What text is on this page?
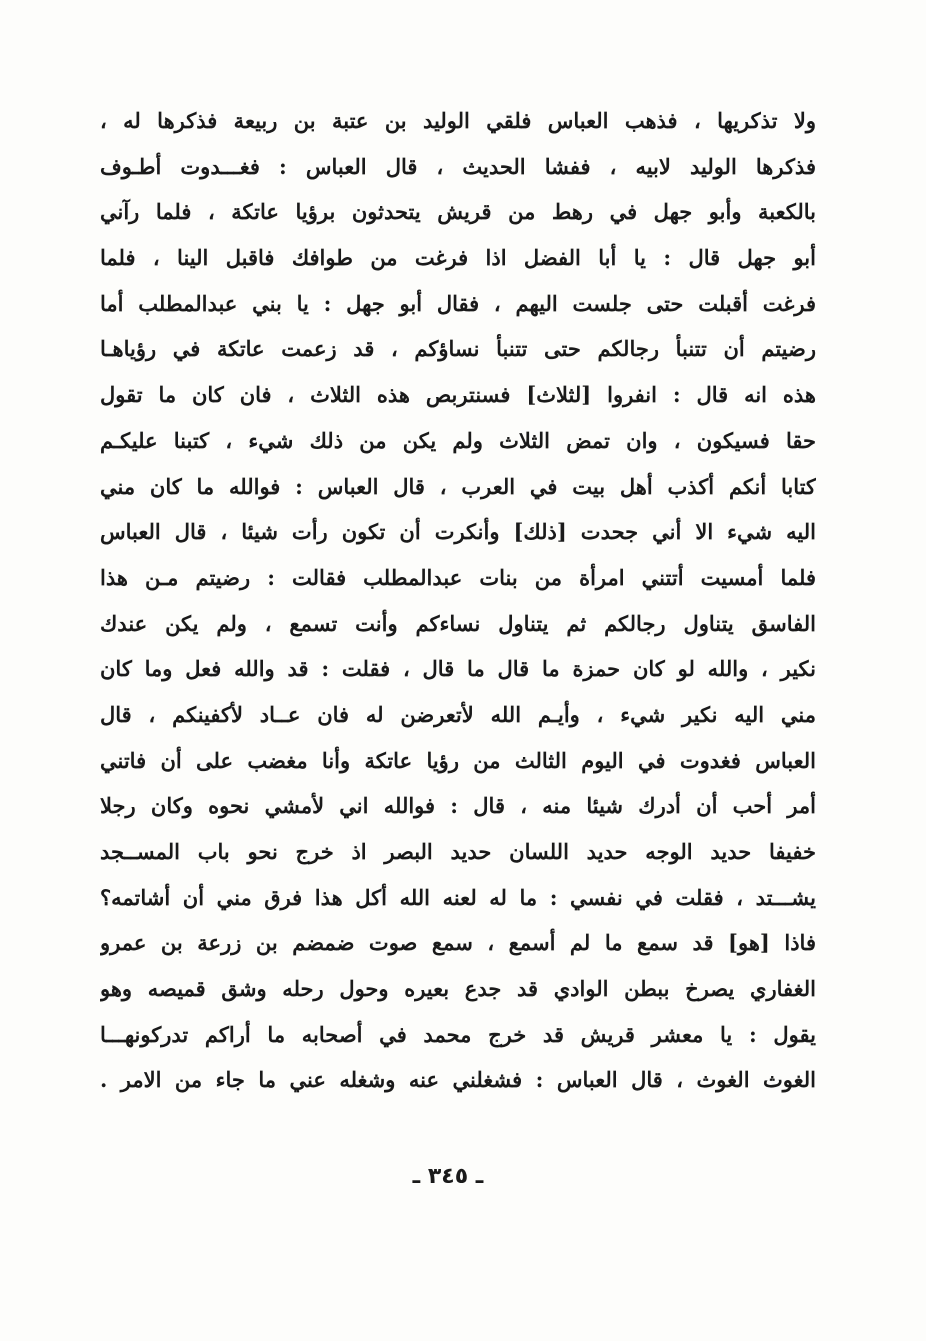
ولا تذكريها ، فذهب العباس فلقي الوليد بن عتبة بن ربيعة فذكرها له ،
فذكرها الوليد لابيه ، ففشا الحديث ، قال العباس : فغـــدوت أطـوف
بالكعبة وأبو جهل في رهط من قريش يتحدثون برؤيا عاتكة ، فلما رآني
أبو جهل قال : يا أبا الفضل اذا فرغت من طوافك فاقبل الينا ، فلما
فرغت أقبلت حتى جلست اليهم ، فقال أبو جهل : يا بني عبدالمطلب أما
رضيتم أن تتنبأ رجالكم حتى تتنبأ نساؤكم ، قد زعمت عاتكة في رؤياهـا
هذه انه قال : انفروا [لثلاث] فسنتربص هذه الثلاث ، فان كان ما تقول
حقا فسيكون ، وان تمض الثلاث ولم يكن من ذلك شيء ، كتبنا عليكـم
كتابا أنكم أكذب أهل بيت في العرب ، قال العباس : فوالله ما كان مني
اليه شيء الا أني جحدت [ذلك] وأنكرت أن تكون رأت شيئا ، قال العباس
فلما أمسيت أتتني امرأة من بنات عبدالمطلب فقالت : رضيتم مـن هذا
الفاسق يتناول رجالكم ثم يتناول نساءكم وأنت تسمع ، ولم يكن عندك
نكير ، والله لو كان حمزة ما قال ما قال ، فقلت : قد والله فعل وما كان
مني اليه نكير شيء ، وأيـم الله لأتعرضن له فان عــاد لأكفينكم ، قال
العباس فغدوت في اليوم الثالث من رؤيا عاتكة وأنا مغضب على أن فاتني
أمر أحب أن أدرك شيئا منه ، قال : فوالله اني لأمشي نحوه وكان رجلا
خفيفا حديد الوجه حديد اللسان حديد البصر اذ خرج نحو باب المســجد
يشـــتد ، فقلت في نفسي : ما له لعنه الله أكل هذا فرق مني أن أشاتمه؟
فاذا [هو] قد سمع ما لم أسمع ، سمع صوت ضمضم بن زرعة بن عمرو
الغفاري يصرخ ببطن الوادي قد جدع بعيره وحول رحله وشق قميصه وهو
يقول : يا معشر قريش قد خرج محمد في أصحابه ما أراكم تدركونهـــا
الغوث الغوث ، قال العباس : فشغلني عنه وشغله عني ما جاء من الامر .
ـ ٣٤٥ ـ
